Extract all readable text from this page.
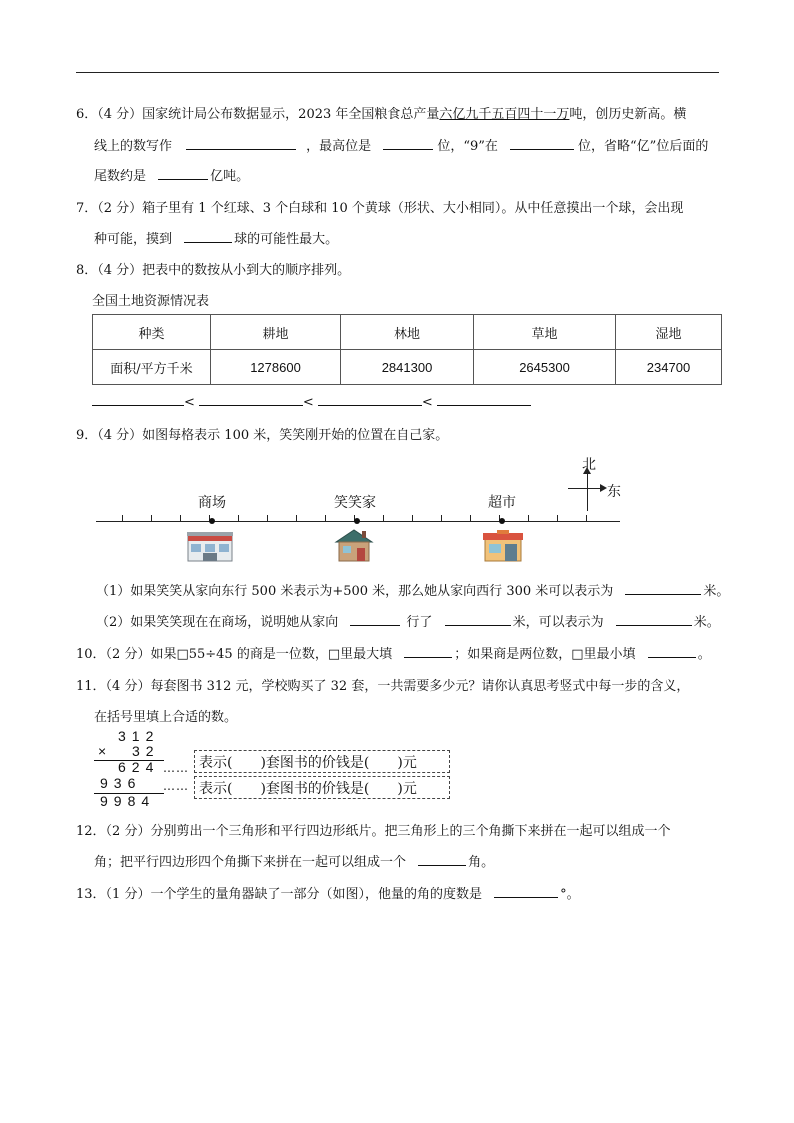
6．（4 分）国家统计局公布数据显示，2023 年全国粮食总产量六亿九千五百四十一万吨，创历史新高。横
线上的数写作	，最高位是	位，“9”在	位，省略“亿”位后面的
尾数约是	亿吨。
7．（2 分）箱子里有 1 个红球、3 个白球和 10 个黄球（形状、大小相同）。从中任意摸出一个球，会出现
种可能，摸到	球的可能性最大。
8．（4 分）把表中的数按从小到大的顺序排列。
全国土地资源情况表
种类	耕地	林地	草地	湿地
面积/平方千米	1278600	2841300	2645300	234700
<	<	<
9．（4 分）如图每格表示 100 米，笑笑刚开始的位置在自己家。
北
东
商场	笑笑家	超市
（1）如果笑笑从家向东行 500 米表示为+500 米，那么她从家向西行 300 米可以表示为	米。
（2）如果笑笑现在在商场，说明她从家向	行了	米，可以表示为	米。
10．（2 分）如果□55÷45 的商是一位数，□里最大填	；如果商是两位数，□里最小填	。
11．（4 分）每套图书 312 元，学校购买了 32 套，一共需要多少元？请你认真思考竖式中每一步的含义，
在括号里填上合适的数。
312
× 32
624
936
9984
……
……
表示(　　)套图书的价钱是(　　)元
表示(　　)套图书的价钱是(　　)元
12．（2 分）分别剪出一个三角形和平行四边形纸片。把三角形上的三个角撕下来拼在一起可以组成一个
角；把平行四边形四个角撕下来拼在一起可以组成一个	角。
13．（1 分）一个学生的量角器缺了一部分（如图），他量的角的度数是	°。
